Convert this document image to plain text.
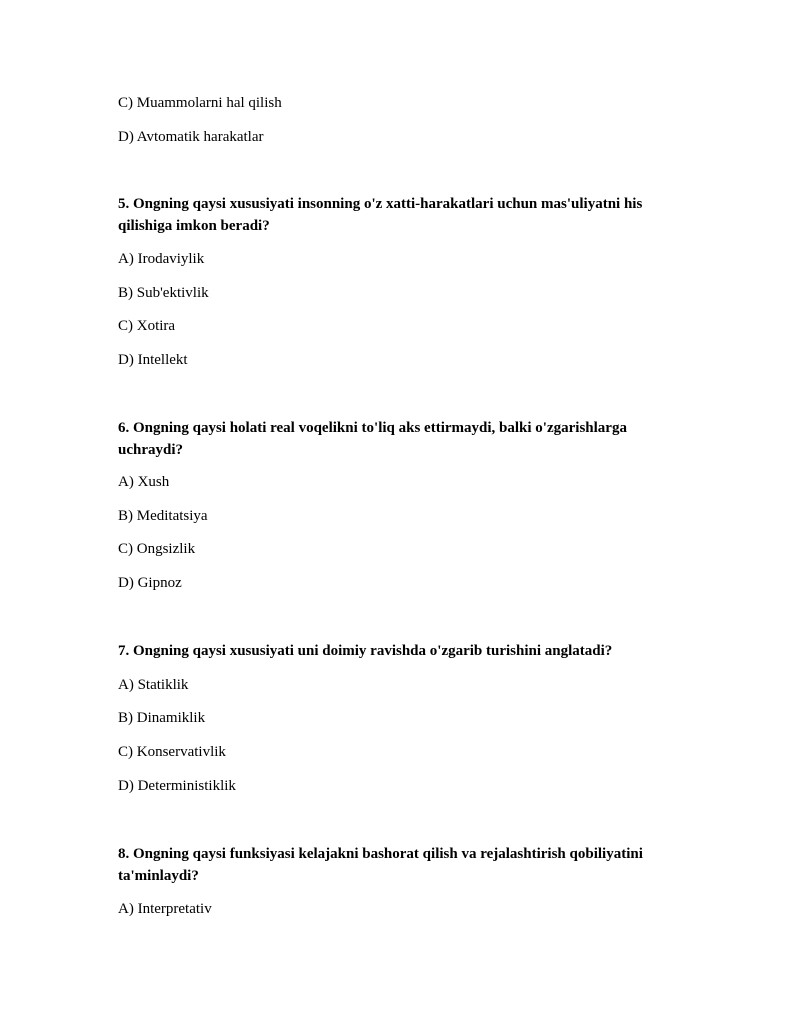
C) Muammolarni hal qilish
D) Avtomatik harakatlar
5. Ongning qaysi xususiyati insonning o'z xatti-harakatlari uchun mas'uliyatni his qilishiga imkon beradi?
A) Irodaviylik
B) Sub'ektivlik
C) Xotira
D) Intellekt
6. Ongning qaysi holati real voqelikni to'liq aks ettirmaydi, balki o'zgarishlarga uchraydi?
A) Xush
B) Meditatsiya
C) Ongsizlik
D) Gipnoz
7. Ongning qaysi xususiyati uni doimiy ravishda o'zgarib turishini anglatadi?
A) Statiklik
B) Dinamiklik
C) Konservativlik
D) Deterministiklik
8. Ongning qaysi funksiyasi kelajakni bashorat qilish va rejalashtirish qobiliyatini ta'minlaydi?
A) Interpretativ
